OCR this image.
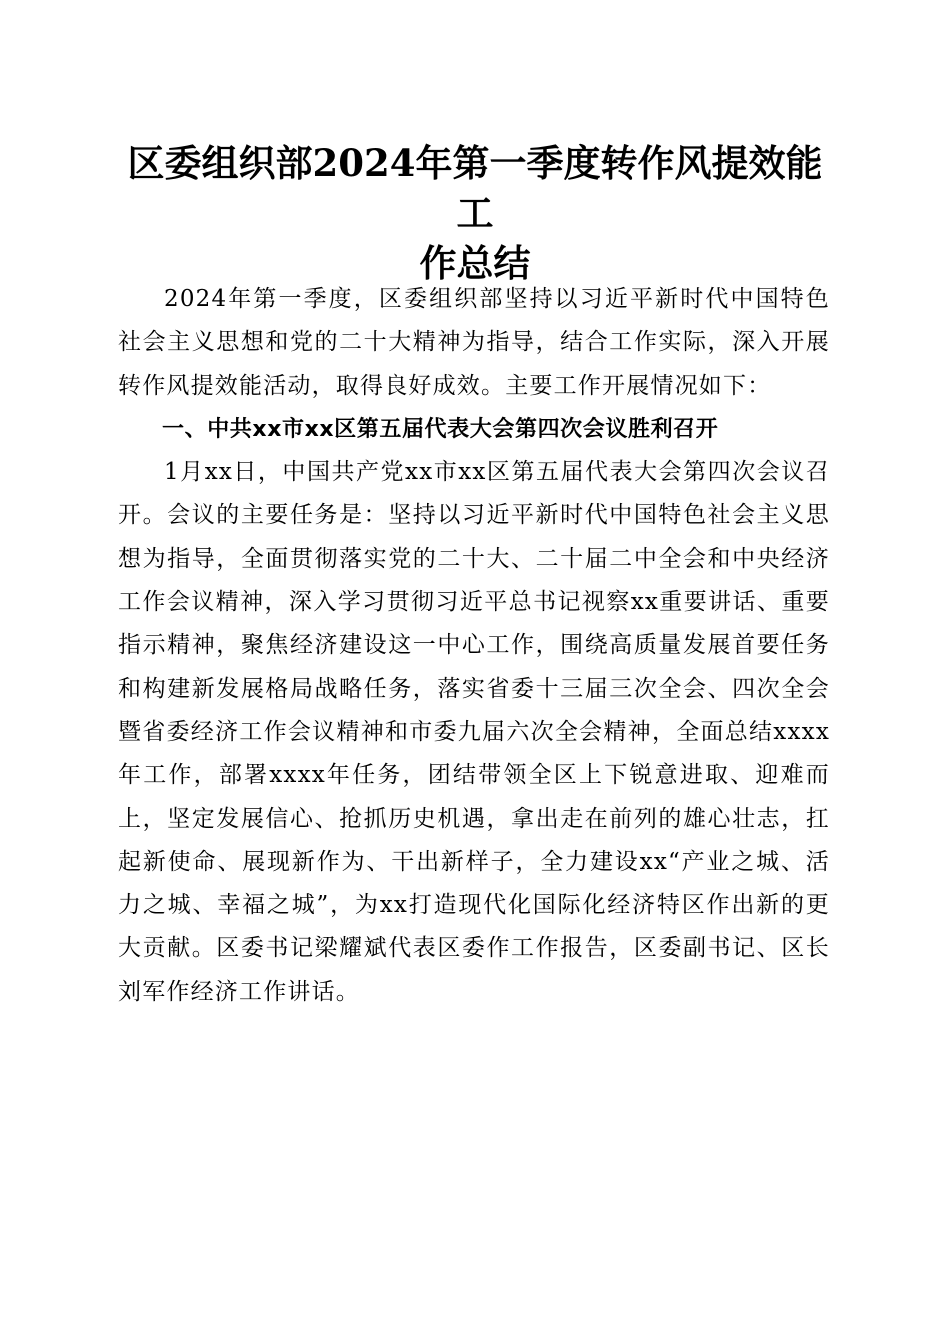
区委组织部2024年第一季度转作风提效能工
作总结

2024年第一季度，区委组织部坚持以习近平新时代中国特色社会主义思想和党的二十大精神为指导，结合工作实际，深入开展转作风提效能活动，取得良好成效。主要工作开展情况如下：

一、中共xx市xx区第五届代表大会第四次会议胜利召开

1月xx日，中国共产党xx市xx区第五届代表大会第四次会议召开。会议的主要任务是：坚持以习近平新时代中国特色社会主义思想为指导，全面贯彻落实党的二十大、二十届二中全会和中央经济工作会议精神，深入学习贯彻习近平总书记视察xx重要讲话、重要指示精神，聚焦经济建设这一中心工作，围绕高质量发展首要任务和构建新发展格局战略任务，落实省委十三届三次全会、四次全会暨省委经济工作会议精神和市委九届六次全会精神，全面总结xxxx年工作，部署xxxx年任务，团结带领全区上下锐意进取、迎难而上，坚定发展信心、抢抓历史机遇，拿出走在前列的雄心壮志，扛起新使命、展现新作为、干出新样子，全力建设xx“产业之城、活力之城、幸福之城”，为xx打造现代化国际化经济特区作出新的更大贡献。区委书记梁耀斌代表区委作工作报告，区委副书记、区长刘军作经济工作讲话。
